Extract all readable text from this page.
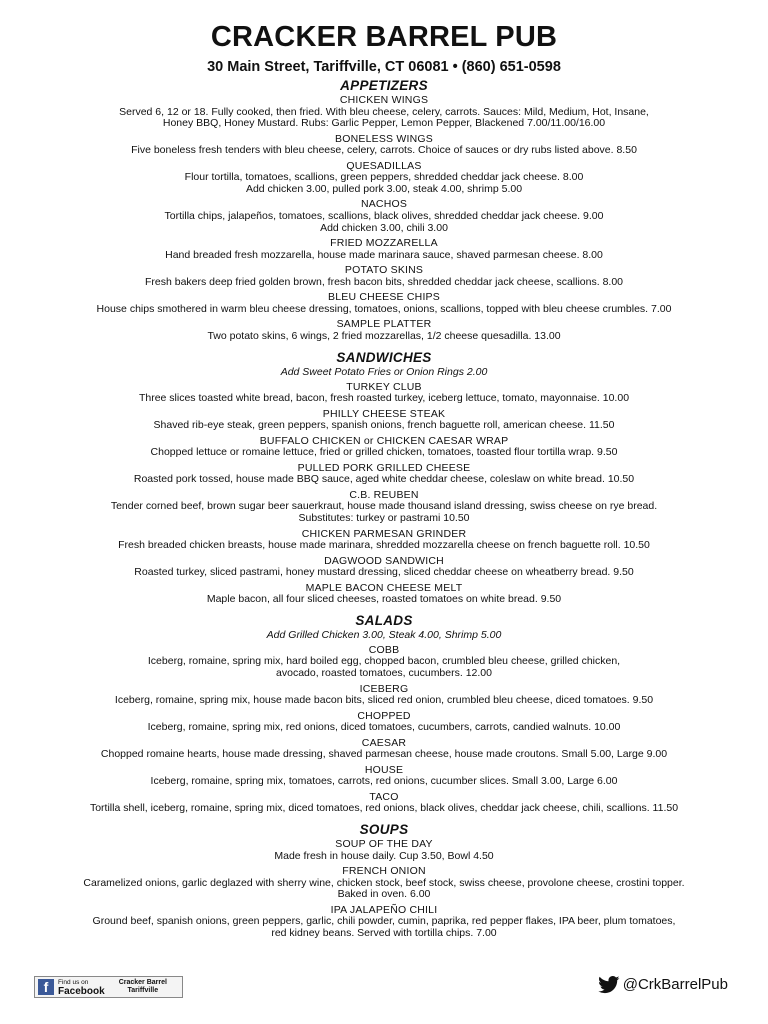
CRACKER BARREL PUB
30 Main Street, Tariffville, CT 06081 • (860) 651-0598
APPETIZERS
CHICKEN WINGS
Served 6, 12 or 18. Fully cooked, then fried. With bleu cheese, celery, carrots. Sauces: Mild, Medium, Hot, Insane,
Honey BBQ, Honey Mustard. Rubs: Garlic Pepper, Lemon Pepper, Blackened 7.00/11.00/16.00
BONELESS WINGS
Five boneless fresh tenders with bleu cheese, celery, carrots. Choice of sauces or dry rubs listed above. 8.50
QUESADILLAS
Flour tortilla, tomatoes, scallions, green peppers, shredded cheddar jack cheese. 8.00
Add chicken 3.00, pulled pork 3.00, steak 4.00, shrimp 5.00
NACHOS
Tortilla chips, jalapeños, tomatoes, scallions, black olives, shredded cheddar jack cheese. 9.00
Add chicken 3.00, chili 3.00
FRIED MOZZARELLA
Hand breaded fresh mozzarella, house made marinara sauce, shaved parmesan cheese. 8.00
POTATO SKINS
Fresh bakers deep fried golden brown, fresh bacon bits, shredded cheddar jack cheese, scallions. 8.00
BLEU CHEESE CHIPS
House chips smothered in warm bleu cheese dressing, tomatoes, onions, scallions, topped with bleu cheese crumbles. 7.00
SAMPLE PLATTER
Two potato skins, 6 wings, 2 fried mozzarellas, 1/2 cheese quesadilla. 13.00
SANDWICHES
Add Sweet Potato Fries or Onion Rings 2.00
TURKEY CLUB
Three slices toasted white bread, bacon, fresh roasted turkey, iceberg lettuce, tomato, mayonnaise. 10.00
PHILLY CHEESE STEAK
Shaved rib-eye steak, green peppers, spanish onions, french baguette roll, american cheese. 11.50
BUFFALO CHICKEN or CHICKEN CAESAR WRAP
Chopped lettuce or romaine lettuce, fried or grilled chicken, tomatoes, toasted flour tortilla wrap. 9.50
PULLED PORK GRILLED CHEESE
Roasted pork tossed, house made BBQ sauce, aged white cheddar cheese, coleslaw on white bread. 10.50
C.B. REUBEN
Tender corned beef, brown sugar beer sauerkraut, house made thousand island dressing, swiss cheese on rye bread.
Substitutes: turkey or pastrami 10.50
CHICKEN PARMESAN GRINDER
Fresh breaded chicken breasts, house made marinara, shredded mozzarella cheese on french baguette roll. 10.50
DAGWOOD SANDWICH
Roasted turkey, sliced pastrami, honey mustard dressing, sliced cheddar cheese on wheatberry bread. 9.50
MAPLE BACON CHEESE MELT
Maple bacon, all four sliced cheeses, roasted tomatoes on white bread. 9.50
SALADS
Add Grilled Chicken 3.00, Steak 4.00, Shrimp 5.00
COBB
Iceberg, romaine, spring mix, hard boiled egg, chopped bacon, crumbled bleu cheese, grilled chicken,
avocado, roasted tomatoes, cucumbers. 12.00
ICEBERG
Iceberg, romaine, spring mix, house made bacon bits, sliced red onion, crumbled bleu cheese, diced tomatoes. 9.50
CHOPPED
Iceberg, romaine, spring mix, red onions, diced tomatoes, cucumbers, carrots, candied walnuts. 10.00
CAESAR
Chopped romaine hearts, house made dressing, shaved parmesan cheese, house made croutons. Small 5.00, Large 9.00
HOUSE
Iceberg, romaine, spring mix, tomatoes, carrots, red onions, cucumber slices. Small 3.00, Large 6.00
TACO
Tortilla shell, iceberg, romaine, spring mix, diced tomatoes, red onions, black olives, cheddar jack cheese, chili, scallions. 11.50
SOUPS
SOUP OF THE DAY
Made fresh in house daily. Cup 3.50, Bowl 4.50
FRENCH ONION
Caramelized onions, garlic deglazed with sherry wine, chicken stock, beef stock, swiss cheese, provolone cheese, crostini topper.
Baked in oven. 6.00
IPA JALAPEÑO CHILI
Ground beef, spanish onions, green peppers, garlic, chili powder, cumin, paprika, red pepper flakes, IPA beer, plum tomatoes,
red kidney beans. Served with tortilla chips. 7.00
f	Find us on
Facebook
Cracker Barrel
Tariffville	@CrkBarrelPub
